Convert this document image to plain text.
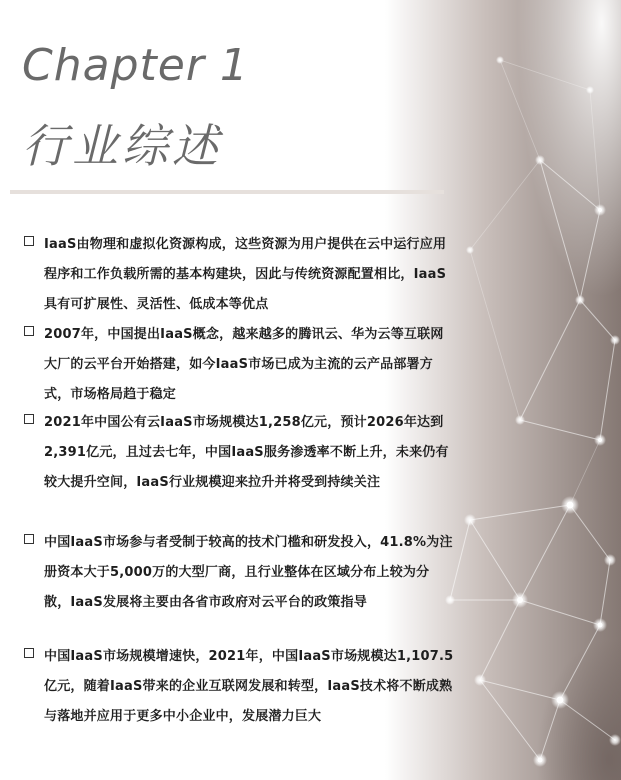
Chapter 1
行业综述
IaaS由物理和虚拟化资源构成，这些资源为用户提供在云中运行应用程序和工作负载所需的基本构建块，因此与传统资源配置相比，IaaS具有可扩展性、灵活性、低成本等优点
2007年，中国提出IaaS概念，越来越多的腾讯云、华为云等互联网大厂的云平台开始搭建，如今IaaS市场已成为主流的云产品部署方式，市场格局趋于稳定
2021年中国公有云IaaS市场规模达1,258亿元，预计2026年达到2,391亿元，且过去七年，中国IaaS服务渗透率不断上升，未来仍有较大提升空间，IaaS行业规模迎来拉升并将受到持续关注
中国IaaS市场参与者受制于较高的技术门槛和研发投入，41.8%为注册资本大于5,000万的大型厂商，且行业整体在区域分布上较为分散，IaaS发展将主要由各省市政府对云平台的政策指导
中国IaaS市场规模增速快，2021年，中国IaaS市场规模达1,107.5亿元，随着IaaS带来的企业互联网发展和转型，IaaS技术将不断成熟与落地并应用于更多中小企业中，发展潜力巨大
